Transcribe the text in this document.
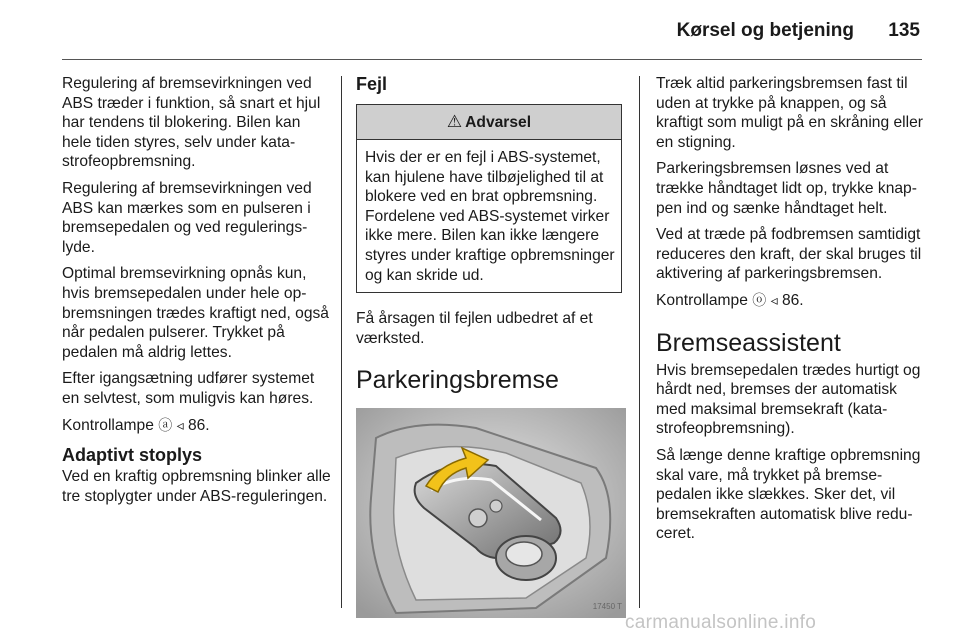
Kørsel og betjening 135

Regulering af bremsevirkningen ved ABS træder i funktion, så snart et hjul har tendens til blokering. Bilen kan hele tiden styres, selv under katastrofeopbremsning.

Regulering af bremsevirkningen ved ABS kan mærkes som en pulseren i bremsepedalen og ved reguleringslyde.

Optimal bremsevirkning opnås kun, hvis bremsepedalen under hele opbremsningen trædes kraftigt ned, også når pedalen pulserer. Trykket på pedalen må aldrig lettes.

Efter igangsætning udfører systemet en selvtest, som muligvis kan høres.

Kontrollampe ⓐ ◃ 86.

Adaptivt stoplys

Ved en kraftig opbremsning blinker alle tre stoplygter under ABS-reguleringen.

Fejl
⚠ Advarsel
Hvis der er en fejl i ABS-systemet, kan hjulene have tilbøjelighed til at blokere ved en brat opbremsning. Fordelene ved ABS-systemet virker ikke mere. Bilen kan ikke længere styres under kraftige opbremsninger og kan skride ud.

Få årsagen til fejlen udbedret af et værksted.

Parkeringsbremse
17450 T

Træk altid parkeringsbremsen fast til uden at trykke på knappen, og så kraftigt som muligt på en skråning eller en stigning.

Parkeringsbremsen løsnes ved at trække håndtaget lidt op, trykke knappen ind og sænke håndtaget helt.

Ved at træde på fodbremsen samtidigt reduceres den kraft, der skal bruges til aktivering af parkeringsbremsen.

Kontrollampe ⓞ ◃ 86.

Bremseassistent

Hvis bremsepedalen trædes hurtigt og hårdt ned, bremses der automatisk med maksimal bremsekraft (katastrofeopbremsning).

Så længe denne kraftige opbremsning skal vare, må trykket på bremsepedalen ikke slækkes. Sker det, vil bremsekraften automatisk blive reduceret.

carmanualsonline.info
